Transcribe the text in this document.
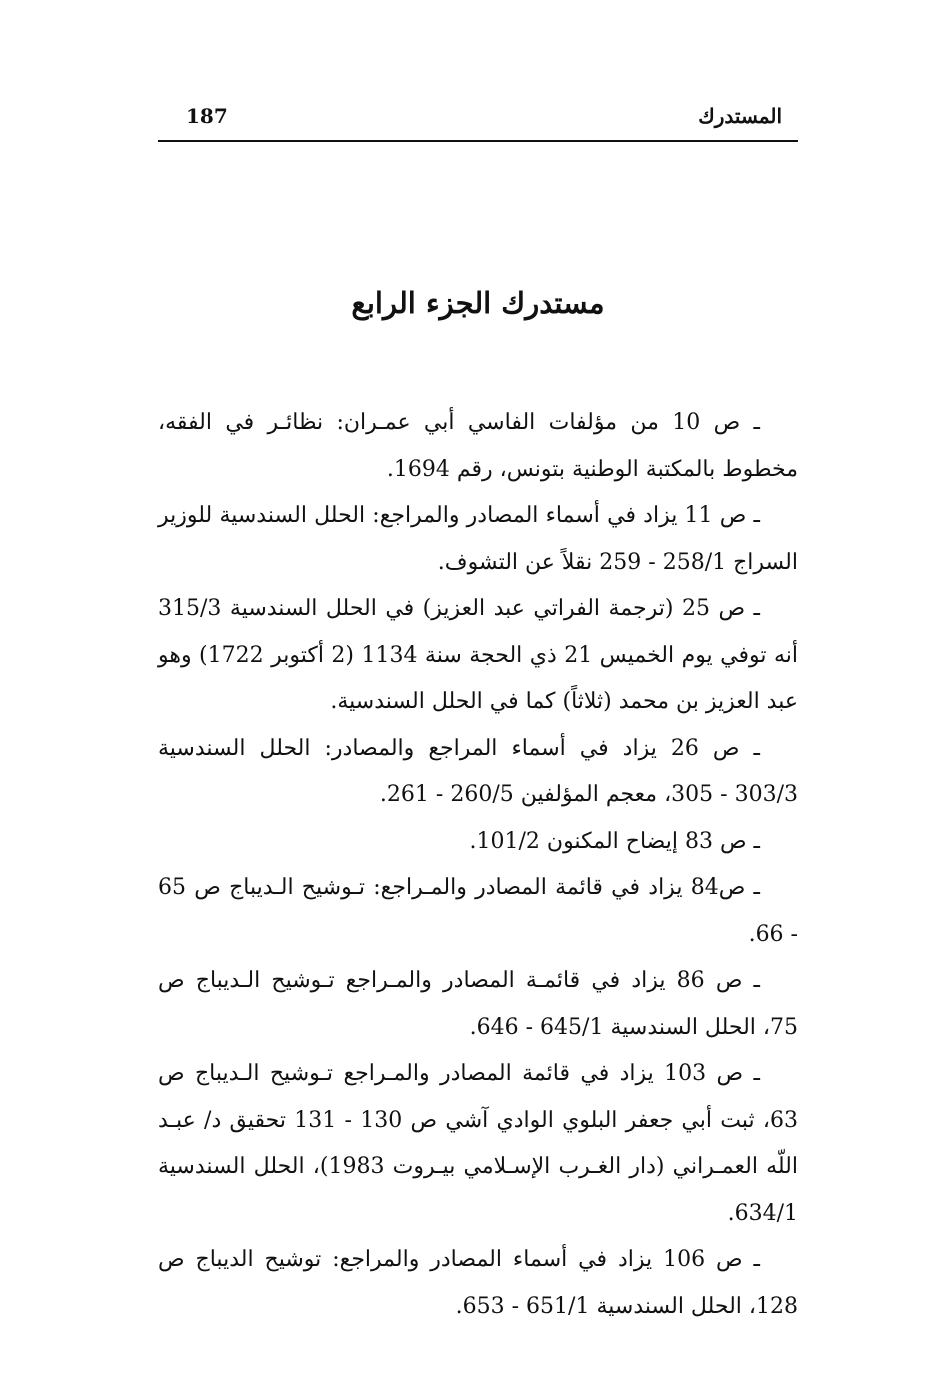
187	المستدرك
مستدرك الجزء الرابع

ـ ص 10 من مؤلفات الفاسي أبي عمـران: نظائـر في الفقه، مخطوط بالمكتبة الوطنية بتونس، رقم 1694.

ـ ص 11 يزاد في أسماء المصادر والمراجع: الحلل السندسية للوزير السراج 258/1 - 259 نقلاً عن التشوف.

ـ ص 25 (ترجمة الفراتي عبد العزيز) في الحلل السندسية 315/3 أنه توفي يوم الخميس 21 ذي الحجة سنة 1134 (2 أكتوبر 1722) وهو عبد العزيز بن محمد (ثلاثاً) كما في الحلل السندسية.

ـ ص 26 يزاد في أسماء المراجع والمصادر: الحلل السندسية 303/3 - 305، معجم المؤلفين 260/5 - 261.

ـ ص 83 إيضاح المكنون 101/2.

ـ ص84 يزاد في قائمة المصادر والمـراجع: تـوشيح الـديباج ص 65 - 66.

ـ ص 86 يزاد في قائمـة المصادر والمـراجع تـوشيح الـديباج ص 75، الحلل السندسية 645/1 - 646.

ـ ص 103 يزاد في قائمة المصادر والمـراجع تـوشيح الـديباج ص 63، ثبت أبي جعفر البلوي الوادي آشي ص 130 - 131 تحقيق د/ عبـد اللّه العمـراني (دار الغـرب الإسـلامي بيـروت 1983)، الحلل السندسية 634/1.

ـ ص 106 يزاد في أسماء المصادر والمراجع: توشيح الديباج ص 128، الحلل السندسية 651/1 - 653.
